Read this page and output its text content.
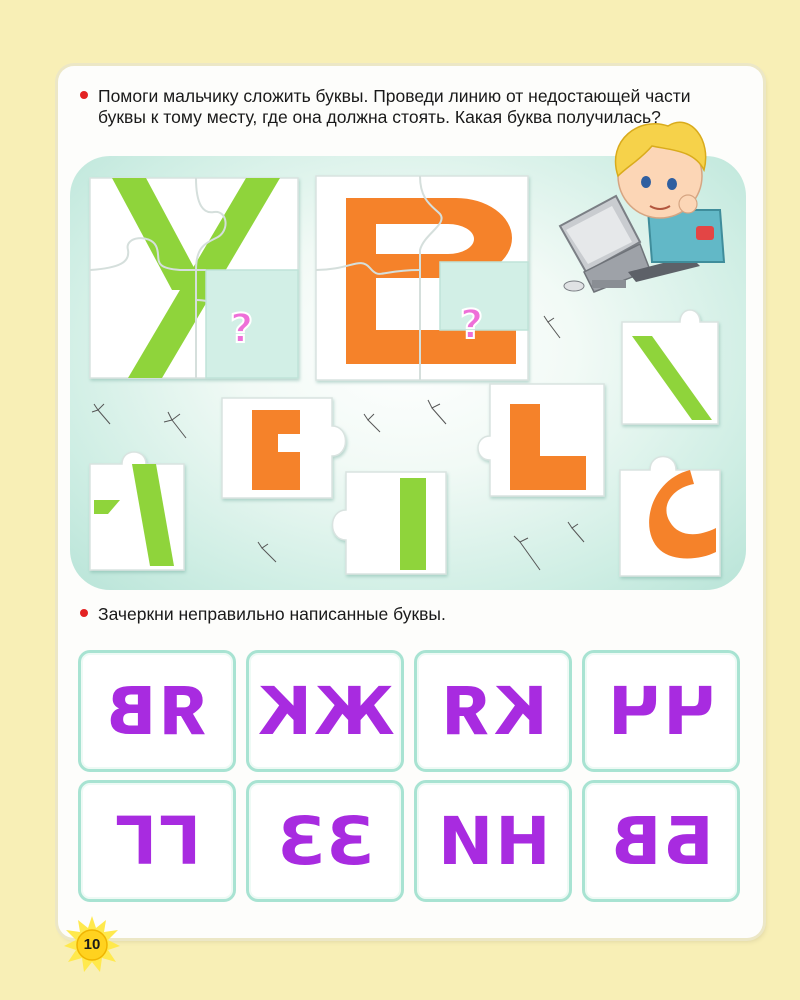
Помоги мальчику сложить буквы. Проведи линию от недостающей части буквы к тому месту, где она должна стоять. Какая буква получилась?
?	?
Зачеркни неправильно написанные буквы.
ЯВ ЖК КЯ ЧЧ
ГГ ЗЗ НИ БВ
10
